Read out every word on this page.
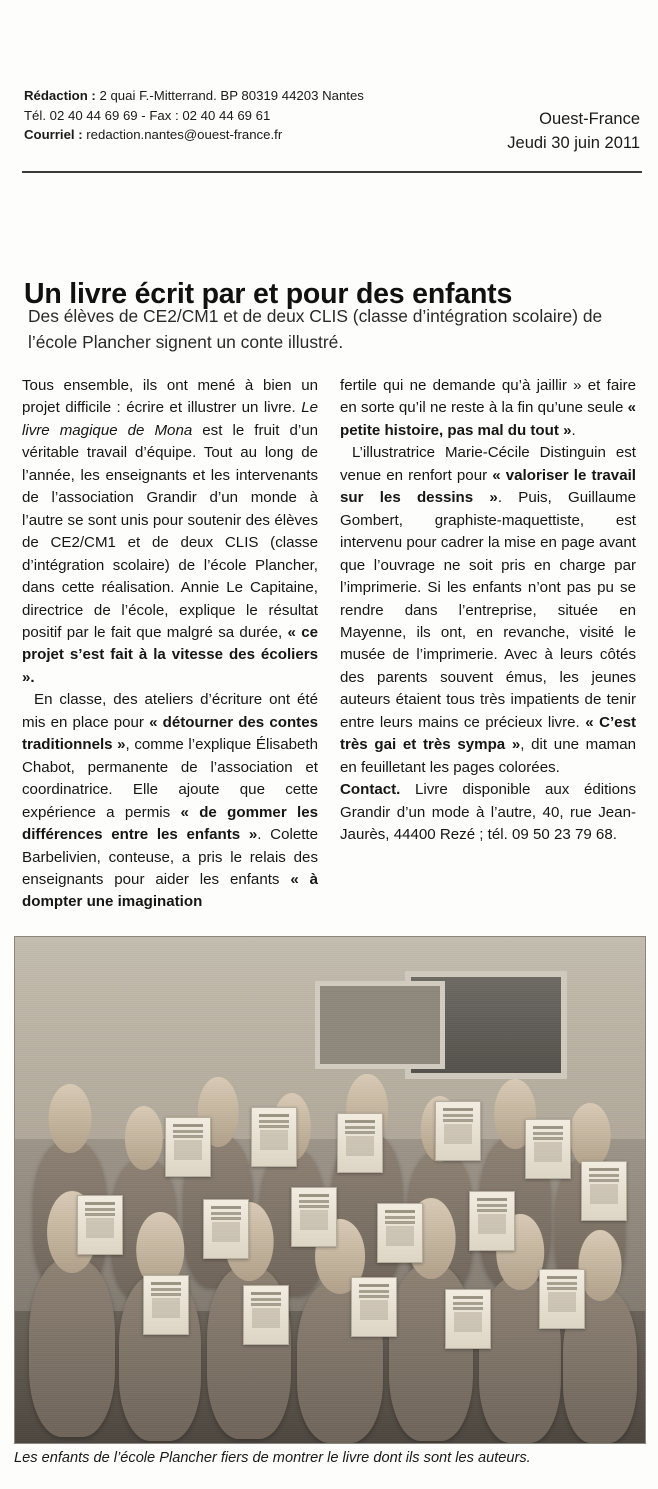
Rédaction : 2 quai F.-Mitterrand. BP 80319 44203 Nantes
Tél. 02 40 44 69 69 - Fax : 02 40 44 69 61
Courriel : redaction.nantes@ouest-france.fr
Ouest-France
Jeudi 30 juin 2011
Un livre écrit par et pour des enfants
Des élèves de CE2/CM1 et de deux CLIS (classe d’intégration scolaire) de l’école Plancher signent un conte illustré.

Tous ensemble, ils ont mené à bien un projet difficile : écrire et illustrer un livre. Le livre magique de Mona est le fruit d’un véritable travail d’équipe. Tout au long de l’année, les enseignants et les intervenants de l’association Grandir d’un monde à l’autre se sont unis pour soutenir des élèves de CE2/CM1 et de deux CLIS (classe d’intégration scolaire) de l’école Plancher, dans cette réalisation. Annie Le Capitaine, directrice de l’école, explique le résultat positif par le fait que malgré sa durée, « ce projet s’est fait à la vitesse des écoliers ».

En classe, des ateliers d’écriture ont été mis en place pour « détourner des contes traditionnels », comme l’explique Élisabeth Chabot, permanente de l’association et coordinatrice. Elle ajoute que cette expérience a permis « de gommer les différences entre les enfants ». Colette Barbelivien, conteuse, a pris le relais des enseignants pour aider les enfants « à dompter une imagination

fertile qui ne demande qu’à jaillir » et faire en sorte qu’il ne reste à la fin qu’une seule « petite histoire, pas mal du tout ».

L’illustratrice Marie-Cécile Distinguin est venue en renfort pour « valoriser le travail sur les dessins ». Puis, Guillaume Gombert, graphiste-maquettiste, est intervenu pour cadrer la mise en page avant que l’ouvrage ne soit pris en charge par l’imprimerie. Si les enfants n’ont pas pu se rendre dans l’entreprise, située en Mayenne, ils ont, en revanche, visité le musée de l’imprimerie. Avec à leurs côtés des parents souvent émus, les jeunes auteurs étaient tous très impatients de tenir entre leurs mains ce précieux livre. « C’est très gai et très sympa », dit une maman en feuilletant les pages colorées.

Contact. Livre disponible aux éditions Grandir d’un mode à l’autre, 40, rue Jean-Jaurès, 44400 Rezé ; tél. 09 50 23 79 68.

Les enfants de l’école Plancher fiers de montrer le livre dont ils sont les auteurs.
